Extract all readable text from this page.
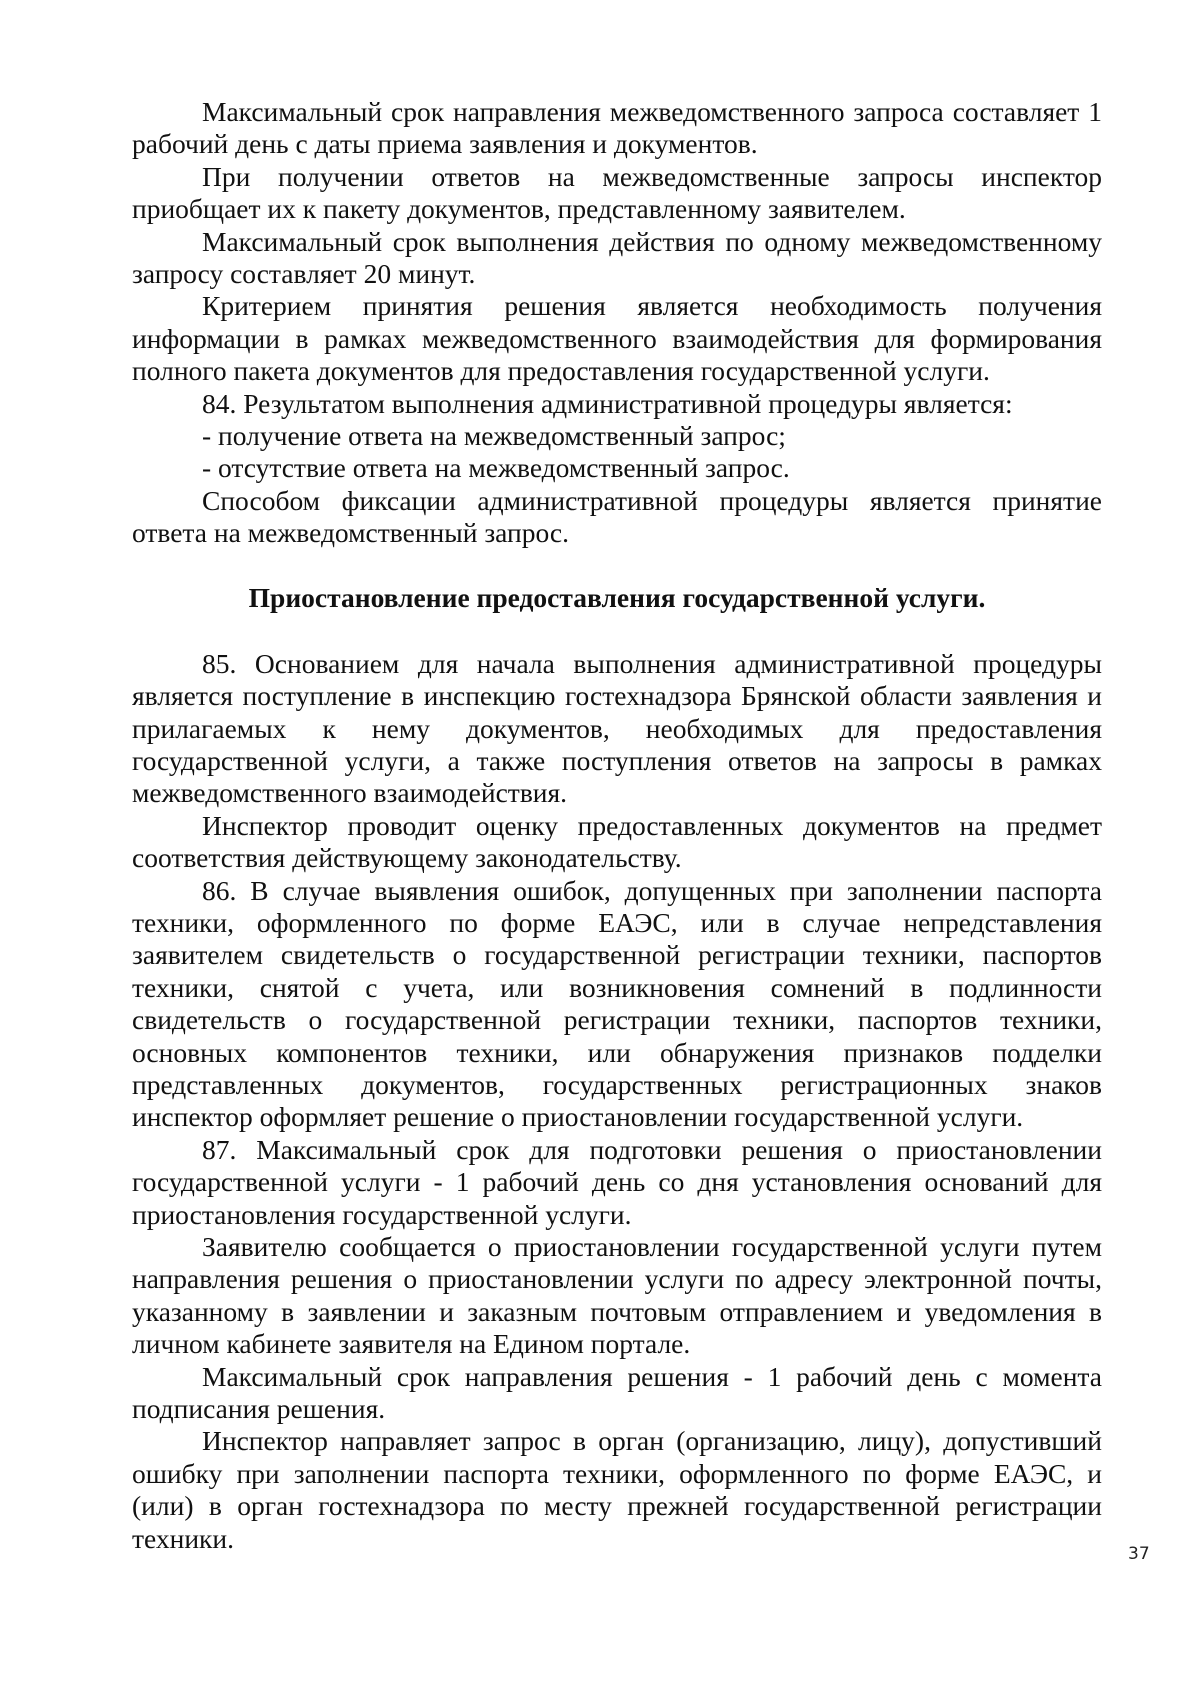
Максимальный срок направления межведомственного запроса составляет 1 рабочий день с даты приема заявления и документов.

При получении ответов на межведомственные запросы инспектор приобщает их к пакету документов, представленному заявителем.

Максимальный срок выполнения действия по одному межведомственному запросу составляет 20 минут.

Критерием принятия решения является необходимость получения информации в рамках межведомственного взаимодействия для формирования полного пакета документов для предоставления государственной услуги.

84. Результатом выполнения административной процедуры является:

- получение ответа на межведомственный запрос;

- отсутствие ответа на межведомственный запрос.

Способом фиксации административной процедуры является принятие ответа на межведомственный запрос.

Приостановление предоставления государственной услуги.

85. Основанием для начала выполнения административной процедуры является поступление в инспекцию гостехнадзора Брянской области заявления и прилагаемых к нему документов, необходимых для предоставления государственной услуги, а также поступления ответов на запросы в рамках межведомственного взаимодействия.

Инспектор проводит оценку предоставленных документов на предмет соответствия действующему законодательству.

86. В случае выявления ошибок, допущенных при заполнении паспорта техники, оформленного по форме ЕАЭС, или в случае непредставления заявителем свидетельств о государственной регистрации техники, паспортов техники, снятой с учета, или возникновения сомнений в подлинности свидетельств о государственной регистрации техники, паспортов техники, основных компонентов техники, или обнаружения признаков подделки представленных документов, государственных регистрационных знаков инспектор оформляет решение о приостановлении государственной услуги.

87. Максимальный срок для подготовки решения о приостановлении государственной услуги - 1 рабочий день со дня установления оснований для приостановления государственной услуги.

Заявителю сообщается о приостановлении государственной услуги путем направления решения о приостановлении услуги по адресу электронной почты, указанному в заявлении и заказным почтовым отправлением и уведомления в личном кабинете заявителя на Едином портале.

Максимальный срок направления решения - 1 рабочий день с момента подписания решения.

Инспектор направляет запрос в орган (организацию, лицу), допустивший ошибку при заполнении паспорта техники, оформленного по форме ЕАЭС, и (или) в орган гостехнадзора по месту прежней государственной регистрации техники.

37
